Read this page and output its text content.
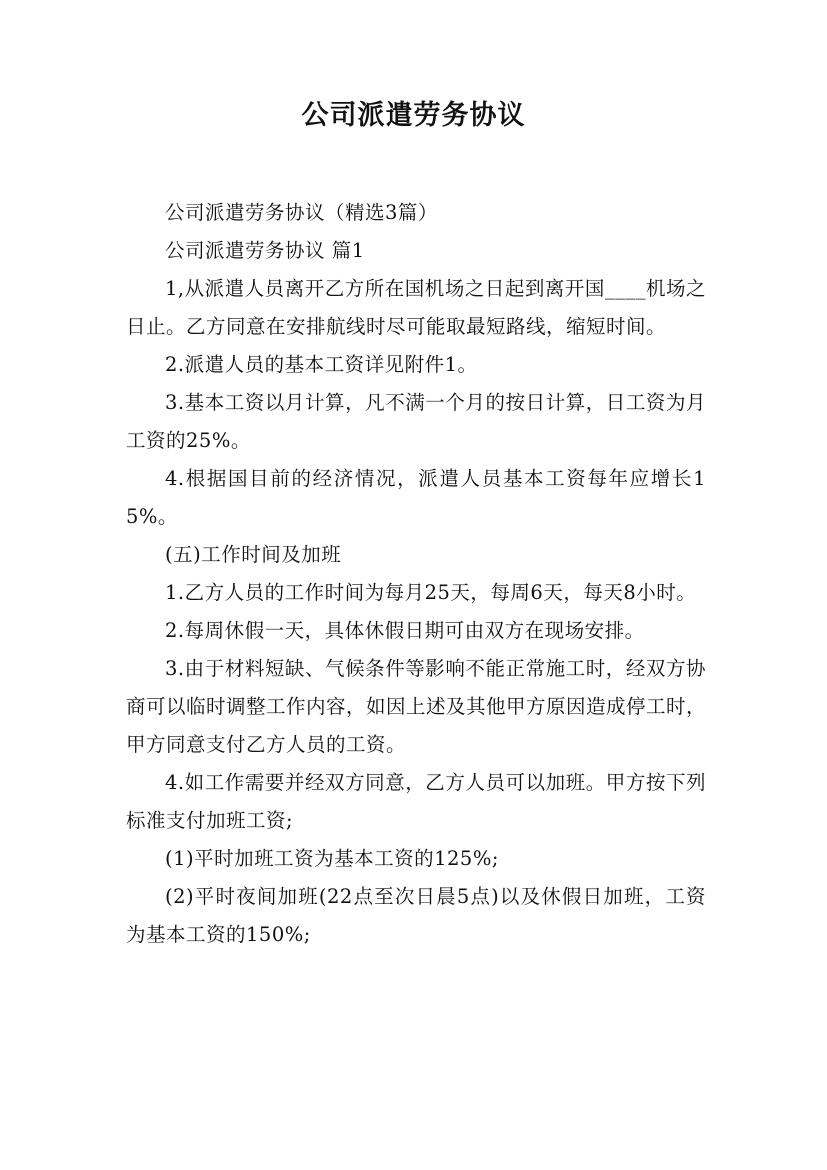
公司派遣劳务协议

公司派遣劳务协议（精选3篇）

公司派遣劳务协议 篇1

1,从派遣人员离开乙方所在国机场之日起到离开国____机场之日止。乙方同意在安排航线时尽可能取最短路线，缩短时间。

2.派遣人员的基本工资详见附件1。

3.基本工资以月计算，凡不满一个月的按日计算，日工资为月工资的25%。

4.根据国目前的经济情况，派遣人员基本工资每年应增长15%。

(五)工作时间及加班

1.乙方人员的工作时间为每月25天，每周6天，每天8小时。

2.每周休假一天，具体休假日期可由双方在现场安排。

3.由于材料短缺、气候条件等影响不能正常施工时，经双方协商可以临时调整工作内容，如因上述及其他甲方原因造成停工时，甲方同意支付乙方人员的工资。

4.如工作需要并经双方同意，乙方人员可以加班。甲方按下列标准支付加班工资;

(1)平时加班工资为基本工资的125%;

(2)平时夜间加班(22点至次日晨5点)以及休假日加班，工资为基本工资的150%;
